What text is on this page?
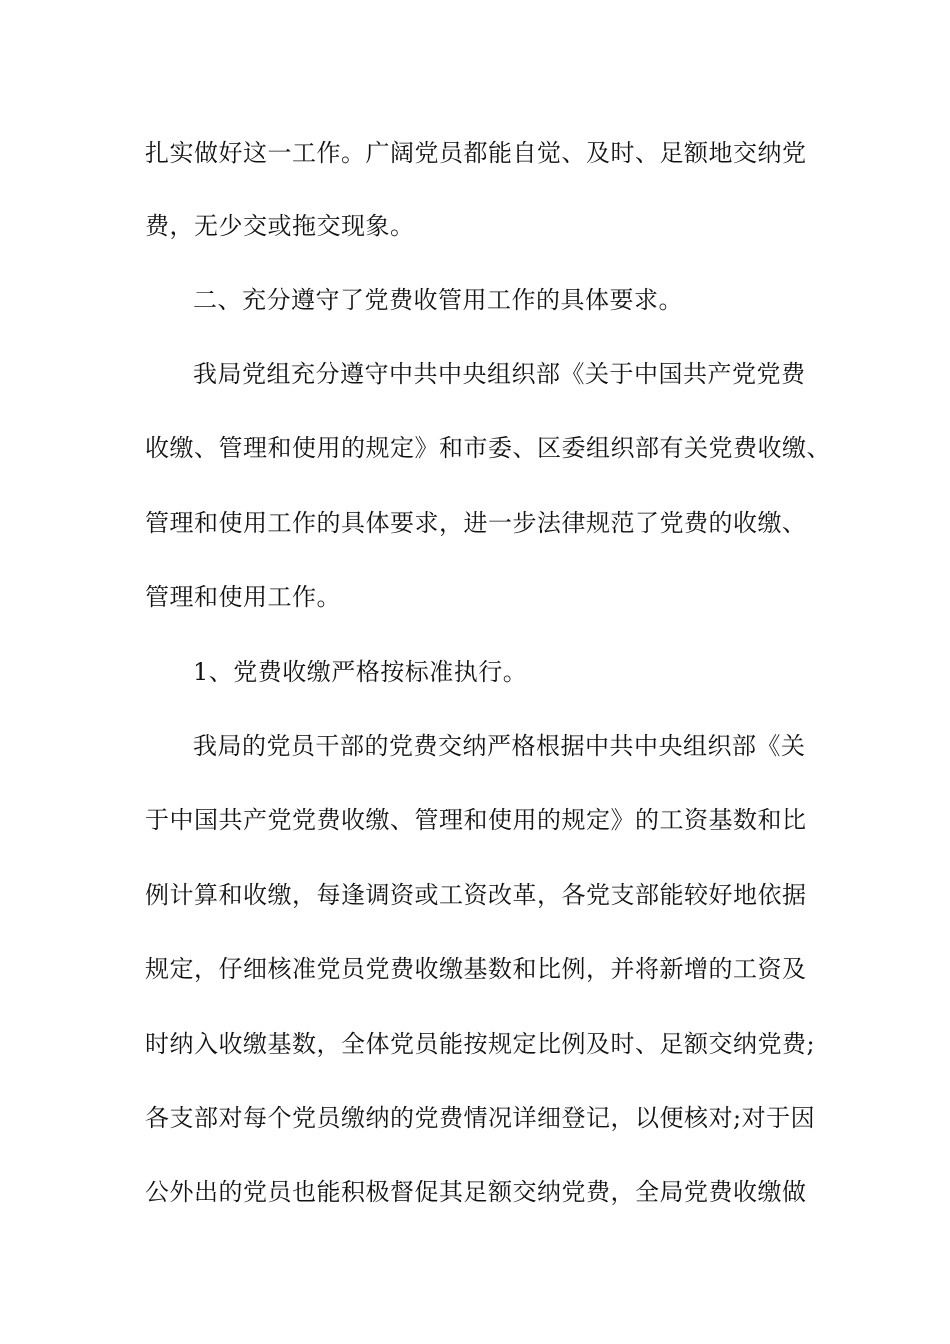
扎实做好这一工作。广阔党员都能自觉、及时、足额地交纳党
费，无少交或拖交现象。
二、充分遵守了党费收管用工作的具体要求。
我局党组充分遵守中共中央组织部《关于中国共产党党费
收缴、管理和使用的规定》和市委、区委组织部有关党费收缴、
管理和使用工作的具体要求，进一步法律规范了党费的收缴、
管理和使用工作。
1、党费收缴严格按标准执行。
我局的党员干部的党费交纳严格根据中共中央组织部《关
于中国共产党党费收缴、管理和使用的规定》的工资基数和比
例计算和收缴，每逢调资或工资改革，各党支部能较好地依据
规定，仔细核准党员党费收缴基数和比例，并将新增的工资及
时纳入收缴基数，全体党员能按规定比例及时、足额交纳党费;
各支部对每个党员缴纳的党费情况详细登记，以便核对;对于因
公外出的党员也能积极督促其足额交纳党费，全局党费收缴做
